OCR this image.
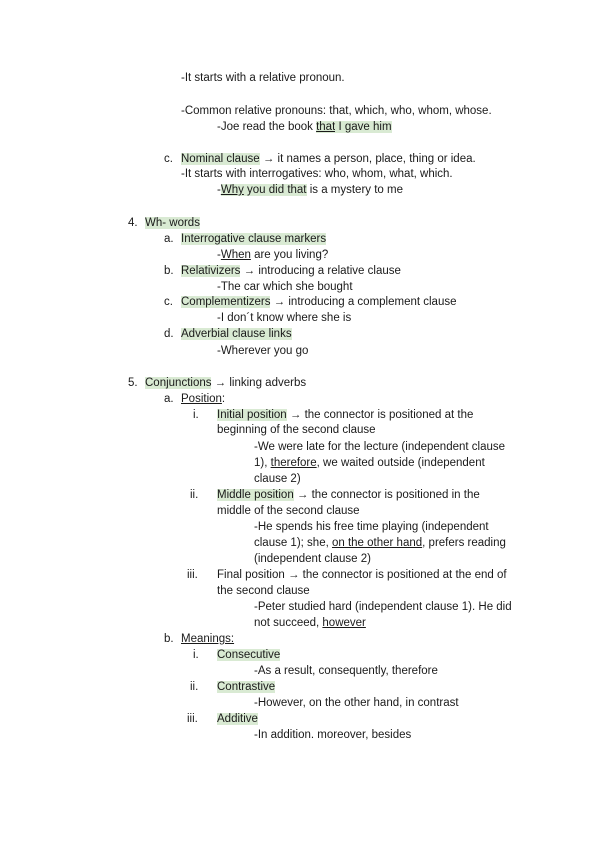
-It starts with a relative pronoun.
-Common relative pronouns: that, which, who, whom, whose.
-Joe read the book that I gave him
c. Nominal clause → it names a person, place, thing or idea.
-It starts with interrogatives: who, whom, what, which.
-Why you did that is a mystery to me
4. Wh- words
a. Interrogative clause markers
-When are you living?
b. Relativizers → introducing a relative clause
-The car which she bought
c. Complementizers → introducing a complement clause
-I don´t know where she is
d. Adverbial clause links
-Wherever you go
5. Conjunctions → linking adverbs
a. Position:
i. Initial position → the connector is positioned at the
beginning of the second clause
-We were late for the lecture (independent clause
1), therefore, we waited outside (independent
clause 2)
ii. Middle position → the connector is positioned in the
middle of the second clause
-He spends his free time playing (independent
clause 1); she, on the other hand, prefers reading
(independent clause 2)
iii. Final position → the connector is positioned at the end of
the second clause
-Peter studied hard (independent clause 1). He did
not succeed, however
b. Meanings:
i. Consecutive
-As a result, consequently, therefore
ii. Contrastive
-However, on the other hand, in contrast
iii. Additive
-In addition. moreover, besides
